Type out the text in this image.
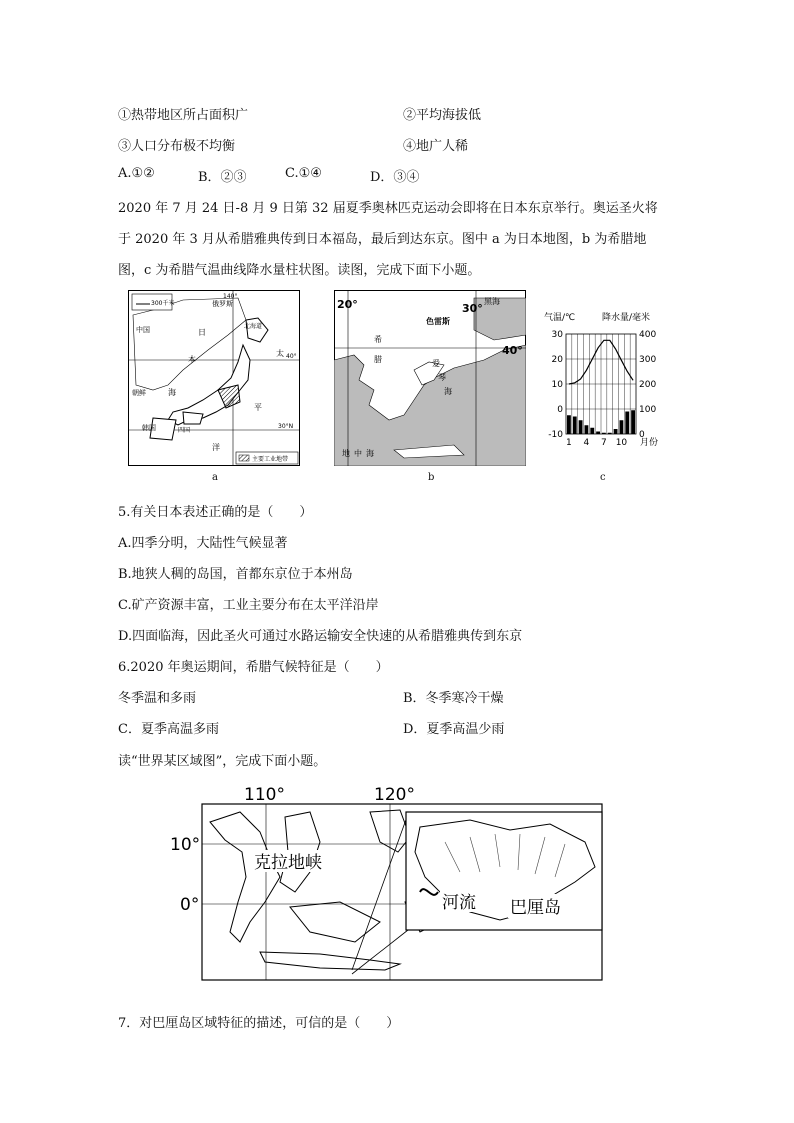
①热带地区所占面积广	②平均海拔低
③人口分布极不均衡	④地广人稀
A.①②	B．②③	C.①④	D．③④
2020 年 7 月 24 日-8 月 9 日第 32 届夏季奥林匹克运动会即将在日本东京举行。奥运圣火将
于 2020 年 3 月从希腊雅典传到日本福岛，最后到达东京。图中 a 为日本地图，b 为希腊地
图，c 为希腊气温曲线降水量柱状图。读图，完成下面下小题。
300千米	俄罗斯
中国
朝鲜
韩国
日
本
海
太
平
洋
北海道
四国
140°
40°
30°N
主要工业地带
a
20°	30°
40°
黑海
色雷斯
希
腊	爱
琴
海
地 中 海
b
气温/℃	降水量/毫米
30
20
10
0
-10
400
300
200
100
0
1 4 7 10 月份
c
5.有关日本表述正确的是（　　）
A.四季分明，大陆性气候显著
B.地狭人稠的岛国，首都东京位于本州岛
C.矿产资源丰富，工业主要分布在太平洋沿岸
D.四面临海，因此圣火可通过水路运输安全快速的从希腊雅典传到东京
6.2020 年奥运期间，希腊气候特征是（　　）
冬季温和多雨	B．冬季寒冷干燥
C．夏季高温多雨	D．夏季高温少雨
读“世界某区域图”，完成下面小题。
110°	120°
10°
0°
克拉地峡
河流 巴厘岛
7．对巴厘岛区域特征的描述，可信的是（　　）
